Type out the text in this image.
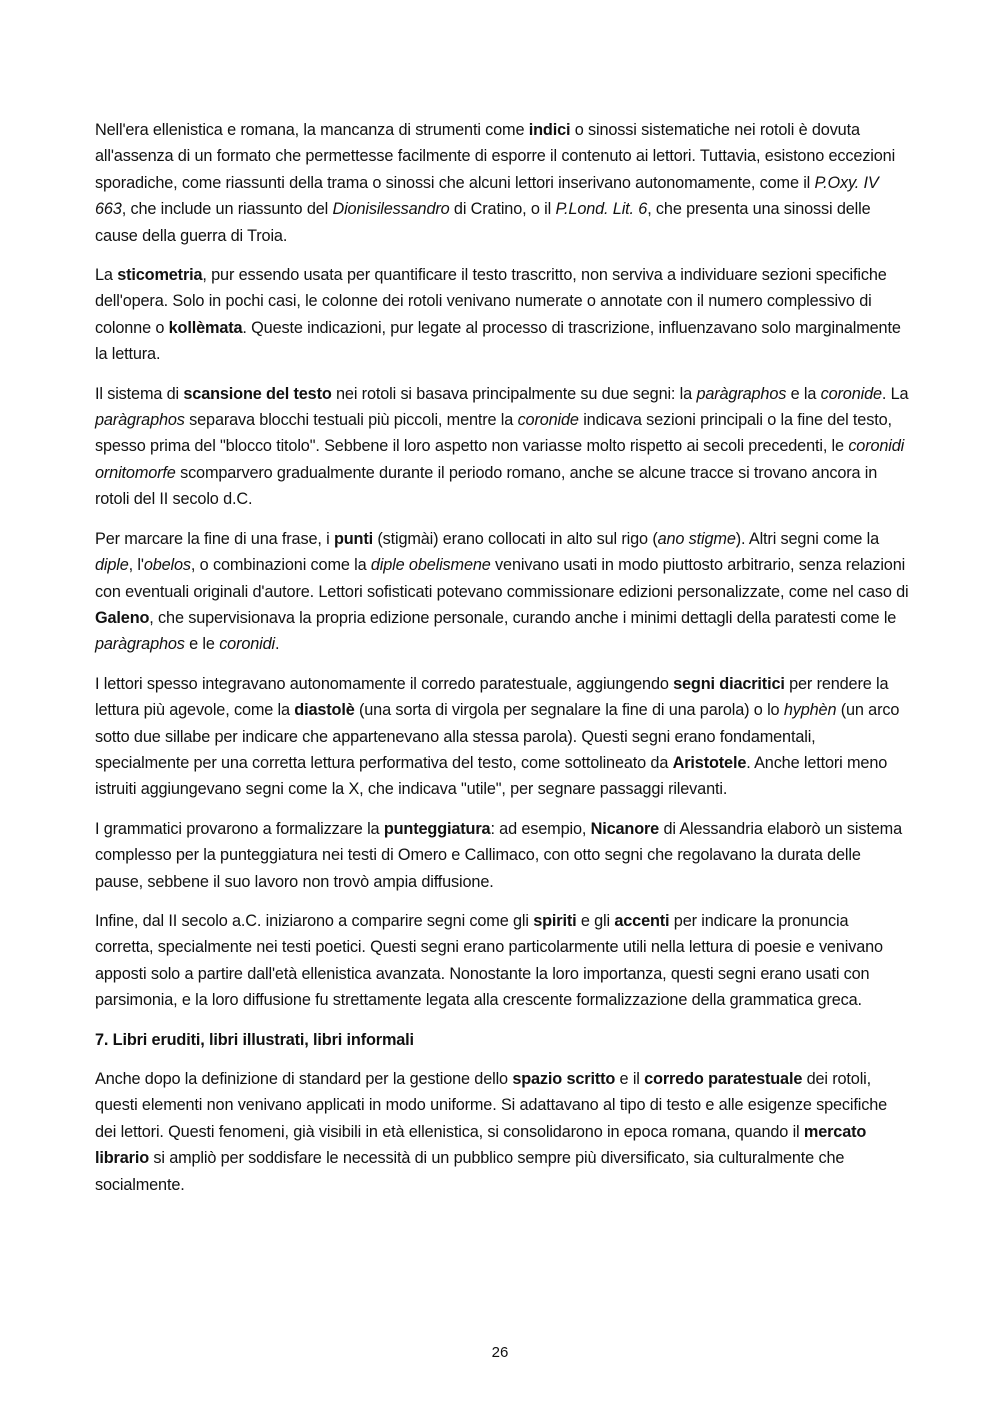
Nell'era ellenistica e romana, la mancanza di strumenti come indici o sinossi sistematiche nei rotoli è dovuta all'assenza di un formato che permettesse facilmente di esporre il contenuto ai lettori. Tuttavia, esistono eccezioni sporadiche, come riassunti della trama o sinossi che alcuni lettori inserivano autonomamente, come il P.Oxy. IV 663, che include un riassunto del Dionisilessandro di Cratino, o il P.Lond. Lit. 6, che presenta una sinossi delle cause della guerra di Troia.

La sticometria, pur essendo usata per quantificare il testo trascritto, non serviva a individuare sezioni specifiche dell'opera. Solo in pochi casi, le colonne dei rotoli venivano numerate o annotate con il numero complessivo di colonne o kollèmata. Queste indicazioni, pur legate al processo di trascrizione, influenzavano solo marginalmente la lettura.

Il sistema di scansione del testo nei rotoli si basava principalmente su due segni: la paràgraphos e la coronide. La paràgraphos separava blocchi testuali più piccoli, mentre la coronide indicava sezioni principali o la fine del testo, spesso prima del "blocco titolo". Sebbene il loro aspetto non variasse molto rispetto ai secoli precedenti, le coronidi ornitomorfe scomparvero gradualmente durante il periodo romano, anche se alcune tracce si trovano ancora in rotoli del II secolo d.C.

Per marcare la fine di una frase, i punti (stigmài) erano collocati in alto sul rigo (ano stigme). Altri segni come la diple, l'obelos, o combinazioni come la diple obelismene venivano usati in modo piuttosto arbitrario, senza relazioni con eventuali originali d'autore. Lettori sofisticati potevano commissionare edizioni personalizzate, come nel caso di Galeno, che supervisionava la propria edizione personale, curando anche i minimi dettagli della paratesti come le paràgraphos e le coronidi.

I lettori spesso integravano autonomamente il corredo paratestuale, aggiungendo segni diacritici per rendere la lettura più agevole, come la diastolè (una sorta di virgola per segnalare la fine di una parola) o lo hyphèn (un arco sotto due sillabe per indicare che appartenevano alla stessa parola). Questi segni erano fondamentali, specialmente per una corretta lettura performativa del testo, come sottolineato da Aristotele. Anche lettori meno istruiti aggiungevano segni come la X, che indicava "utile", per segnare passaggi rilevanti.

I grammatici provarono a formalizzare la punteggiatura: ad esempio, Nicanore di Alessandria elaborò un sistema complesso per la punteggiatura nei testi di Omero e Callimaco, con otto segni che regolavano la durata delle pause, sebbene il suo lavoro non trovò ampia diffusione.

Infine, dal II secolo a.C. iniziarono a comparire segni come gli spiriti e gli accenti per indicare la pronuncia corretta, specialmente nei testi poetici. Questi segni erano particolarmente utili nella lettura di poesie e venivano apposti solo a partire dall'età ellenistica avanzata. Nonostante la loro importanza, questi segni erano usati con parsimonia, e la loro diffusione fu strettamente legata alla crescente formalizzazione della grammatica greca.

7. Libri eruditi, libri illustrati, libri informali

Anche dopo la definizione di standard per la gestione dello spazio scritto e il corredo paratestuale dei rotoli, questi elementi non venivano applicati in modo uniforme. Si adattavano al tipo di testo e alle esigenze specifiche dei lettori. Questi fenomeni, già visibili in età ellenistica, si consolidarono in epoca romana, quando il mercato librario si ampliò per soddisfare le necessità di un pubblico sempre più diversificato, sia culturalmente che socialmente.

26
